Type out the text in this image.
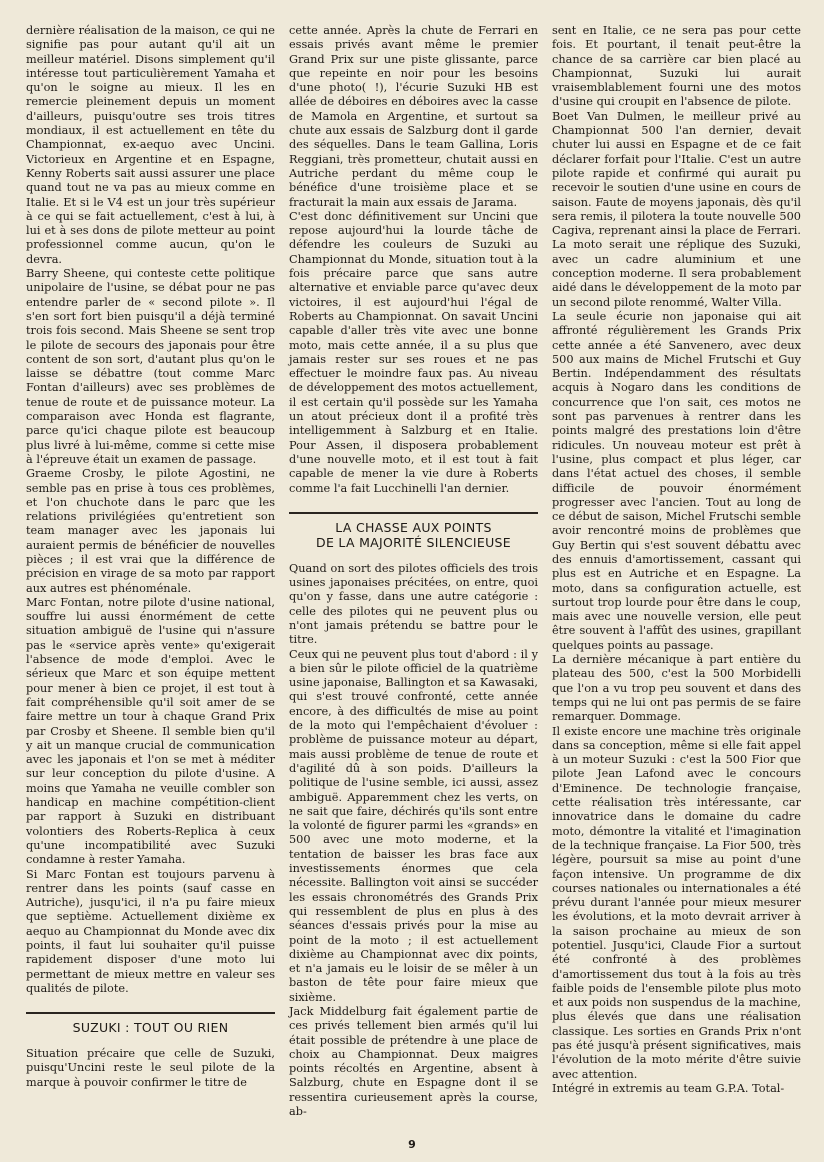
dernière réalisation de la maison, ce qui ne signifie pas pour autant qu'il ait un meilleur matériel. Disons simplement qu'il intéresse tout particulièrement Yamaha et qu'on le soigne au mieux. Il les en remercie pleinement depuis un moment d'ailleurs, puisqu'outre ses trois titres mondiaux, il est actuellement en tête du Championnat, ex-aequo avec Uncini. Victorieux en Argentine et en Espagne, Kenny Roberts sait aussi assurer une place quand tout ne va pas au mieux comme en Italie. Et si le V4 est un jour très supérieur à ce qui se fait actuellement, c'est à lui, à lui et à ses dons de pilote metteur au point professionnel comme aucun, qu'on le devra.

Barry Sheene, qui conteste cette politique unipolaire de l'usine, se débat pour ne pas entendre parler de « second pilote ». Il s'en sort fort bien puisqu'il a déjà terminé trois fois second. Mais Sheene se sent trop le pilote de secours des japonais pour être content de son sort, d'autant plus qu'on le laisse se débattre (tout comme Marc Fontan d'ailleurs) avec ses problèmes de tenue de route et de puissance moteur. La comparaison avec Honda est flagrante, parce qu'ici chaque pilote est beaucoup plus livré à lui-même, comme si cette mise à l'épreuve était un examen de passage.

Graeme Crosby, le pilote Agostini, ne semble pas en prise à tous ces problèmes, et l'on chuchote dans le parc que les relations privilégiées qu'entretient son team manager avec les japonais lui auraient permis de bénéficier de nouvelles pièces ; il est vrai que la différence de précision en virage de sa moto par rapport aux autres est phénoménale.

Marc Fontan, notre pilote d'usine national, souffre lui aussi énormément de cette situation ambiguë de l'usine qui n'assure pas le «service après vente» qu'exigerait l'absence de mode d'emploi. Avec le sérieux que Marc et son équipe mettent pour mener à bien ce projet, il est tout à fait compréhensible qu'il soit amer de se faire mettre un tour à chaque Grand Prix par Crosby et Sheene. Il semble bien qu'il y ait un manque crucial de communication avec les japonais et l'on se met à méditer sur leur conception du pilote d'usine. A moins que Yamaha ne veuille combler son handicap en machine compétition-client par rapport à Suzuki en distribuant volontiers des Roberts-Replica à ceux qu'une incompatibilité avec Suzuki condamne à rester Yamaha.

Si Marc Fontan est toujours parvenu à rentrer dans les points (sauf casse en Autriche), jusqu'ici, il n'a pu faire mieux que septième. Actuellement dixième ex aequo au Championnat du Monde avec dix points, il faut lui souhaiter qu'il puisse rapidement disposer d'une moto lui permettant de mieux mettre en valeur ses qualités de pilote.

SUZUKI : TOUT OU RIEN

Situation précaire que celle de Suzuki, puisqu'Uncini reste le seul pilote de la marque à pouvoir confirmer le titre de

cette année. Après la chute de Ferrari en essais privés avant même le premier Grand Prix sur une piste glissante, parce que repeinte en noir pour les besoins d'une photo( !), l'écurie Suzuki HB est allée de déboires en déboires avec la casse de Mamola en Argentine, et surtout sa chute aux essais de Salzburg dont il garde des séquelles. Dans le team Gallina, Loris Reggiani, très prometteur, chutait aussi en Autriche perdant du même coup le bénéfice d'une troisième place et se fracturait la main aux essais de Jarama.

C'est donc définitivement sur Uncini que repose aujourd'hui la lourde tâche de défendre les couleurs de Suzuki au Championnat du Monde, situation tout à la fois précaire parce que sans autre alternative et enviable parce qu'avec deux victoires, il est aujourd'hui l'égal de Roberts au Championnat. On savait Uncini capable d'aller très vite avec une bonne moto, mais cette année, il a su plus que jamais rester sur ses roues et ne pas effectuer le moindre faux pas. Au niveau de développement des motos actuellement, il est certain qu'il possède sur les Yamaha un atout précieux dont il a profité très intelligemment à Salzburg et en Italie. Pour Assen, il disposera probablement d'une nouvelle moto, et il est tout à fait capable de mener la vie dure à Roberts comme l'a fait Lucchinelli l'an dernier.

LA CHASSE AUX POINTS
DE LA MAJORITÉ SILENCIEUSE

Quand on sort des pilotes officiels des trois usines japonaises précitées, on entre, quoi qu'on y fasse, dans une autre catégorie : celle des pilotes qui ne peuvent plus ou n'ont jamais prétendu se battre pour le titre.

Ceux qui ne peuvent plus tout d'abord : il y a bien sûr le pilote officiel de la quatrième usine japonaise, Ballington et sa Kawasaki, qui s'est trouvé confronté, cette année encore, à des difficultés de mise au point de la moto qui l'empêchaient d'évoluer : problème de puissance moteur au départ, mais aussi problème de tenue de route et d'agilité dû à son poids. D'ailleurs la politique de l'usine semble, ici aussi, assez ambiguë. Apparemment chez les verts, on ne sait que faire, déchirés qu'ils sont entre la volonté de figurer parmi les «grands» en 500 avec une moto moderne, et la tentation de baisser les bras face aux investissements énormes que cela nécessite. Ballington voit ainsi se succéder les essais chronométrés des Grands Prix qui ressemblent de plus en plus à des séances d'essais privés pour la mise au point de la moto ; il est actuellement dixième au Championnat avec dix points, et n'a jamais eu le loisir de se mêler à un baston de tête pour faire mieux que sixième.

Jack Middelburg fait également partie de ces privés tellement bien armés qu'il lui était possible de prétendre à une place de choix au Championnat. Deux maigres points récoltés en Argentine, absent à Salzburg, chute en Espagne dont il se ressentira curieusement après la course, ab-

sent en Italie, ce ne sera pas pour cette fois. Et pourtant, il tenait peut-être la chance de sa carrière car bien placé au Championnat, Suzuki lui aurait vraisemblablement fourni une des motos d'usine qui croupit en l'absence de pilote.

Boet Van Dulmen, le meilleur privé au Championnat 500 l'an dernier, devait chuter lui aussi en Espagne et de ce fait déclarer forfait pour l'Italie. C'est un autre pilote rapide et confirmé qui aurait pu recevoir le soutien d'une usine en cours de saison. Faute de moyens japonais, dès qu'il sera remis, il pilotera la toute nouvelle 500 Cagiva, reprenant ainsi la place de Ferrari. La moto serait une réplique des Suzuki, avec un cadre aluminium et une conception moderne. Il sera probablement aidé dans le développement de la moto par un second pilote renommé, Walter Villa.

La seule écurie non japonaise qui ait affronté régulièrement les Grands Prix cette année a été Sanvenero, avec deux 500 aux mains de Michel Frutschi et Guy Bertin. Indépendamment des résultats acquis à Nogaro dans les conditions de concurrence que l'on sait, ces motos ne sont pas parvenues à rentrer dans les points malgré des prestations loin d'être ridicules. Un nouveau moteur est prêt à l'usine, plus compact et plus léger, car dans l'état actuel des choses, il semble difficile de pouvoir énormément progresser avec l'ancien. Tout au long de ce début de saison, Michel Frutschi semble avoir rencontré moins de problèmes que Guy Bertin qui s'est souvent débattu avec des ennuis d'amortissement, cassant qui plus est en Autriche et en Espagne. La moto, dans sa configuration actuelle, est surtout trop lourde pour être dans le coup, mais avec une nouvelle version, elle peut être souvent à l'affût des usines, grapillant quelques points au passage.

La dernière mécanique à part entière du plateau des 500, c'est la 500 Morbidelli que l'on a vu trop peu souvent et dans des temps qui ne lui ont pas permis de se faire remarquer. Dommage.

Il existe encore une machine très originale dans sa conception, même si elle fait appel à un moteur Suzuki : c'est la 500 Fior que pilote Jean Lafond avec le concours d'Eminence. De technologie française, cette réalisation très intéressante, car innovatrice dans le domaine du cadre moto, démontre la vitalité et l'imagination de la technique française. La Fior 500, très légère, poursuit sa mise au point d'une façon intensive. Un programme de dix courses nationales ou internationales a été prévu durant l'année pour mieux mesurer les évolutions, et la moto devrait arriver à la saison prochaine au mieux de son potentiel. Jusqu'ici, Claude Fior a surtout été confronté à des problèmes d'amortissement dus tout à la fois au très faible poids de l'ensemble pilote plus moto et aux poids non suspendus de la machine, plus élevés que dans une réalisation classique. Les sorties en Grands Prix n'ont pas été jusqu'à présent significatives, mais l'évolution de la moto mérite d'être suivie avec attention.

Intégré in extremis au team G.P.A. Total-

9
